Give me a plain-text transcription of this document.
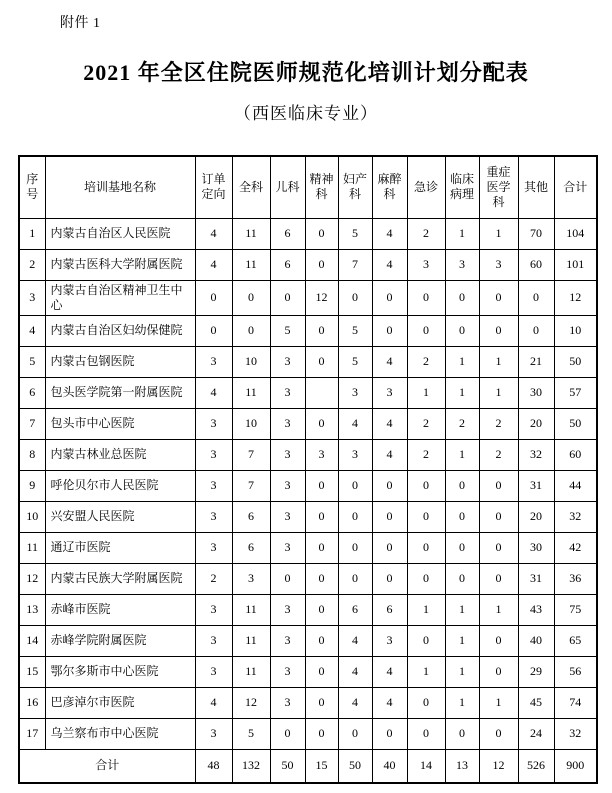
附件 1
2021 年全区住院医师规范化培训计划分配表
（西医临床专业）
序号	培训基地名称	订单定向	全科	儿科	精神科	妇产科	麻醉科	急诊	临床病理	重症医学科	其他	合计
1	内蒙古自治区人民医院	4	11	6	0	5	4	2	1	1	70	104
2	内蒙古医科大学附属医院	4	11	6	0	7	4	3	3	3	60	101
3	内蒙古自治区精神卫生中心	0	0	0	12	0	0	0	0	0	0	12
4	内蒙古自治区妇幼保健院	0	0	5	0	5	0	0	0	0	0	10
5	内蒙古包钢医院	3	10	3	0	5	4	2	1	1	21	50
6	包头医学院第一附属医院	4	11	3		3	3	1	1	1	30	57
7	包头市中心医院	3	10	3	0	4	4	2	2	2	20	50
8	内蒙古林业总医院	3	7	3	3	3	4	2	1	2	32	60
9	呼伦贝尔市人民医院	3	7	3	0	0	0	0	0	0	31	44
10	兴安盟人民医院	3	6	3	0	0	0	0	0	0	20	32
11	通辽市医院	3	6	3	0	0	0	0	0	0	30	42
12	内蒙古民族大学附属医院	2	3	0	0	0	0	0	0	0	31	36
13	赤峰市医院	3	11	3	0	6	6	1	1	1	43	75
14	赤峰学院附属医院	3	11	3	0	4	3	0	1	0	40	65
15	鄂尔多斯市中心医院	3	11	3	0	4	4	1	1	0	29	56
16	巴彦淖尔市医院	4	12	3	0	4	4	0	1	1	45	74
17	乌兰察布市中心医院	3	5	0	0	0	0	0	0	0	24	32
合计		48	132	50	15	50	40	14	13	12	526	900
